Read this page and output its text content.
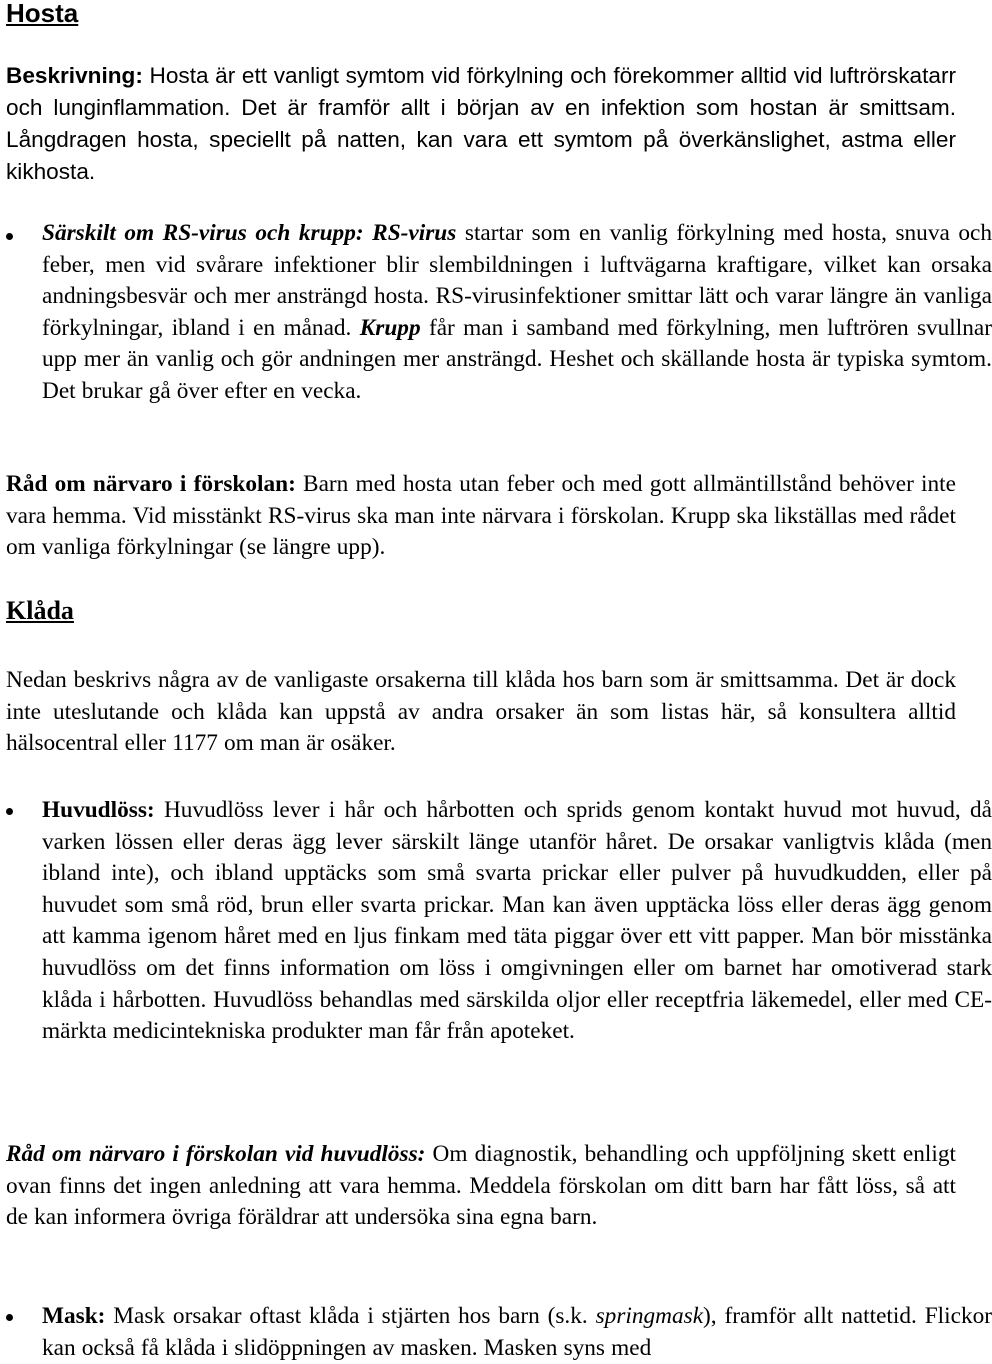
Hosta

Beskrivning: Hosta är ett vanligt symtom vid förkylning och förekommer alltid vid luftrörskatarr och lunginflammation. Det är framför allt i början av en infektion som hostan är smittsam. Långdragen hosta, speciellt på natten, kan vara ett symtom på överkänslighet, astma eller kikhosta.

Särskilt om RS-virus och krupp: RS-virus startar som en vanlig förkylning med hosta, snuva och feber, men vid svårare infektioner blir slembildningen i luftvägarna kraftigare, vilket kan orsaka andningsbesvär och mer ansträngd hosta. RS-virusinfektioner smittar lätt och varar längre än vanliga förkylningar, ibland i en månad. Krupp får man i samband med förkylning, men luftrören svullnar upp mer än vanlig och gör andningen mer ansträngd. Heshet och skällande hosta är typiska symtom. Det brukar gå över efter en vecka.

Råd om närvaro i förskolan: Barn med hosta utan feber och med gott allmäntillstånd behöver inte vara hemma. Vid misstänkt RS-virus ska man inte närvara i förskolan. Krupp ska likställas med rådet om vanliga förkylningar (se längre upp).

Klåda

Nedan beskrivs några av de vanligaste orsakerna till klåda hos barn som är smittsamma. Det är dock inte uteslutande och klåda kan uppstå av andra orsaker än som listas här, så konsultera alltid hälsocentral eller 1177 om man är osäker.

Huvudlöss: Huvudlöss lever i hår och hårbotten och sprids genom kontakt huvud mot huvud, då varken lössen eller deras ägg lever särskilt länge utanför håret. De orsakar vanligtvis klåda (men ibland inte), och ibland upptäcks som små svarta prickar eller pulver på huvudkudden, eller på huvudet som små röd, brun eller svarta prickar. Man kan även upptäcka löss eller deras ägg genom att kamma igenom håret med en ljus finkam med täta piggar över ett vitt papper. Man bör misstänka huvudlöss om det finns information om löss i omgivningen eller om barnet har omotiverad stark klåda i hårbotten. Huvudlöss behandlas med särskilda oljor eller receptfria läkemedel, eller med CE-märkta medicintekniska produkter man får från apoteket.

Råd om närvaro i förskolan vid huvudlöss: Om diagnostik, behandling och uppföljning skett enligt ovan finns det ingen anledning att vara hemma. Meddela förskolan om ditt barn har fått löss, så att de kan informera övriga föräldrar att undersöka sina egna barn.

Mask: Mask orsakar oftast klåda i stjärten hos barn (s.k. springmask), framför allt nattetid. Flickor kan också få klåda i slidöppningen av masken. Masken syns med
